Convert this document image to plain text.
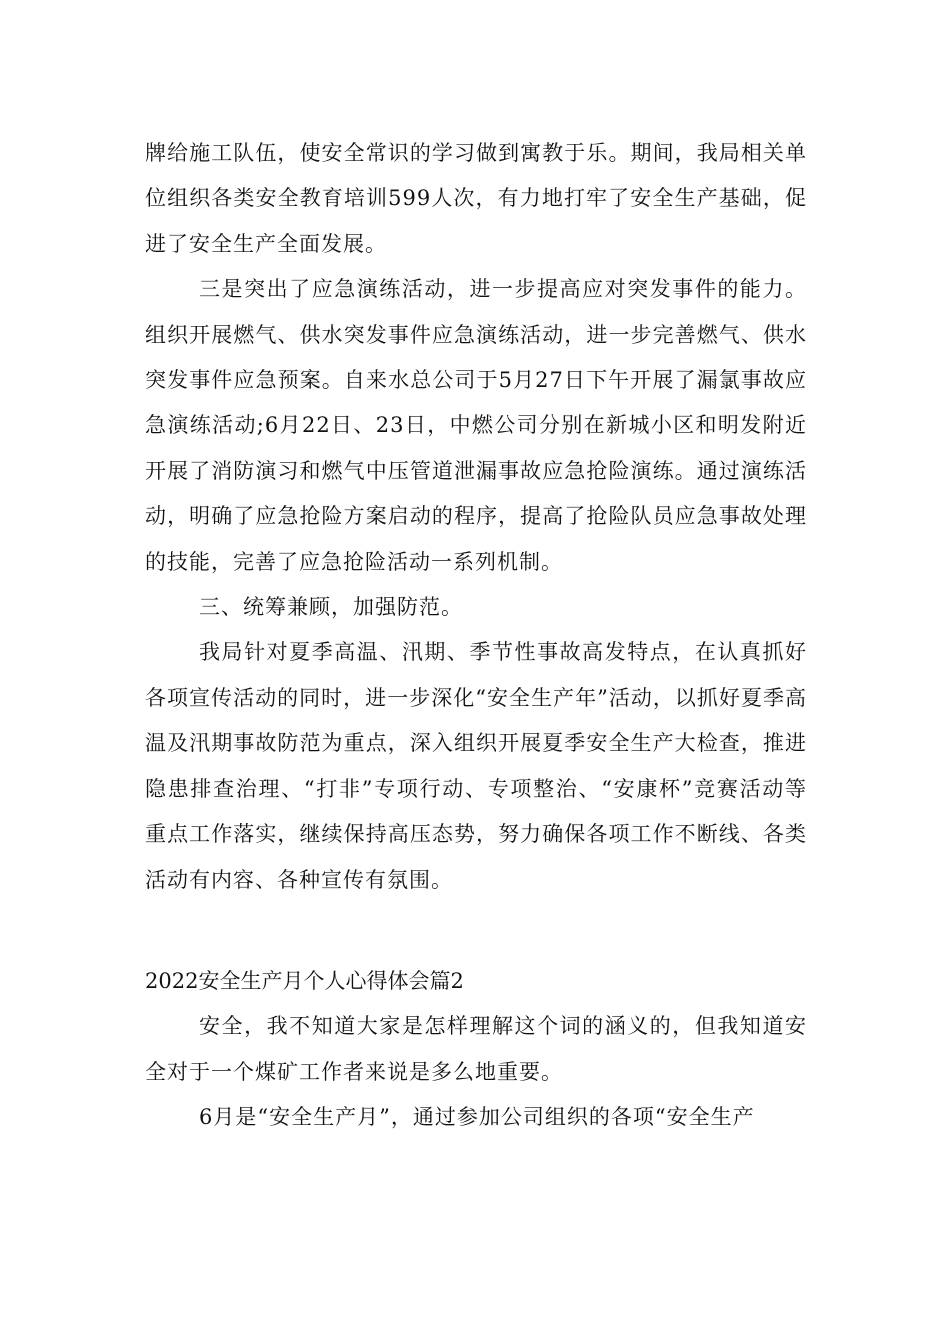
牌给施工队伍，使安全常识的学习做到寓教于乐。期间，我局相关单位组织各类安全教育培训599人次，有力地打牢了安全生产基础，促进了安全生产全面发展。

三是突出了应急演练活动，进一步提高应对突发事件的能力。组织开展燃气、供水突发事件应急演练活动，进一步完善燃气、供水突发事件应急预案。自来水总公司于5月27日下午开展了漏氯事故应急演练活动;6月22日、23日，中燃公司分别在新城小区和明发附近开展了消防演习和燃气中压管道泄漏事故应急抢险演练。通过演练活动，明确了应急抢险方案启动的程序，提高了抢险队员应急事故处理的技能，完善了应急抢险活动一系列机制。

三、统筹兼顾，加强防范。

我局针对夏季高温、汛期、季节性事故高发特点，在认真抓好各项宣传活动的同时，进一步深化“安全生产年”活动，以抓好夏季高温及汛期事故防范为重点，深入组织开展夏季安全生产大检查，推进隐患排查治理、“打非”专项行动、专项整治、“安康杯”竞赛活动等重点工作落实，继续保持高压态势，努力确保各项工作不断线、各类活动有内容、各种宣传有氛围。

2022安全生产月个人心得体会篇2

安全，我不知道大家是怎样理解这个词的涵义的，但我知道安全对于一个煤矿工作者来说是多么地重要。

6月是“安全生产月”，通过参加公司组织的各项“安全生产
